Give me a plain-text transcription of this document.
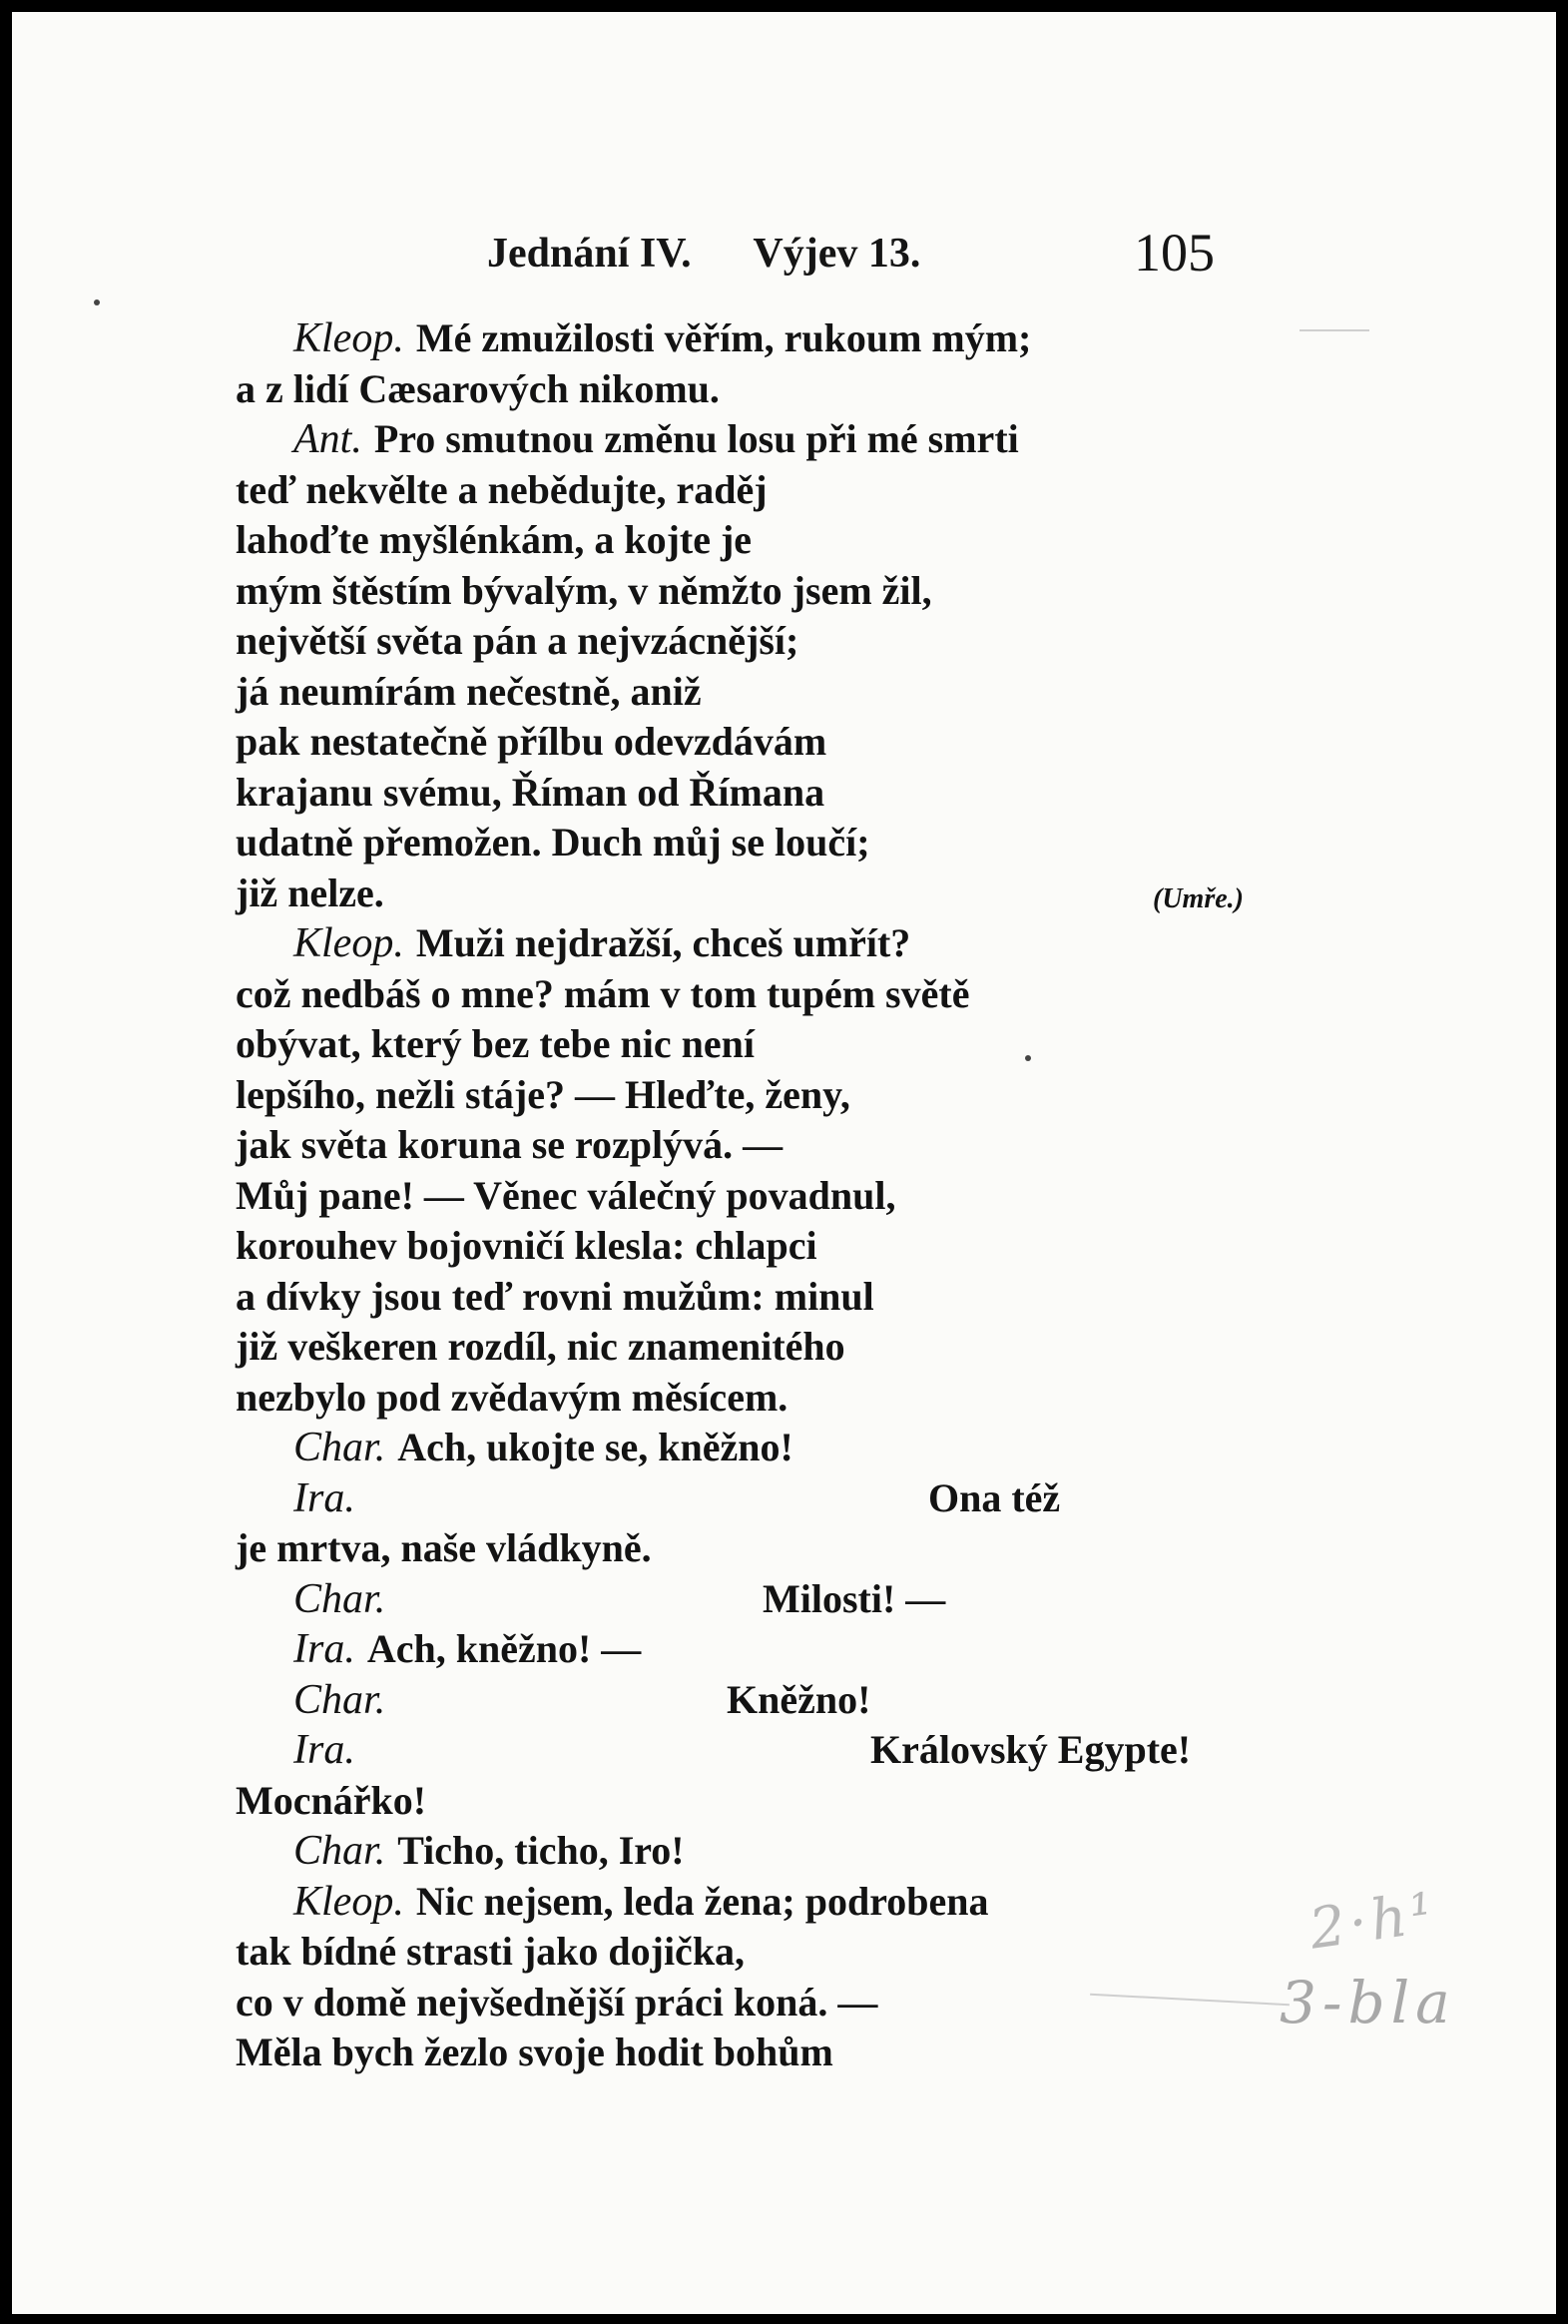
Jednání IV. Výjev 13.	105
Kleop. Mé zmužilosti věřím, rukoum mým;
a z lidí Cæsarových nikomu.
Ant. Pro smutnou změnu losu při mé smrti
teď nekvělte a nebědujte, raděj
lahoďte myšlénkám, a kojte je
mým štěstím bývalým, v němžto jsem žil,
největší světa pán a nejvzácnější;
já neumírám nečestně, aniž
pak nestatečně přílbu odevzdávám
krajanu svému, Říman od Římana
udatně přemožen. Duch můj se loučí;
již nelze.	(Umře.)
Kleop. Muži nejdražší, chceš umřít?
což nedbáš o mne? mám v tom tupém světě
obývat, který bez tebe nic není
lepšího, nežli stáje? — Hleďte, ženy,
jak světa koruna se rozplývá. —
Můj pane! — Věnec válečný povadnul,
korouhev bojovničí klesla: chlapci
a dívky jsou teď rovni mužům: minul
již veškeren rozdíl, nic znamenitého
nezbylo pod zvědavým měsícem.
Char. Ach, ukojte se, kněžno!
Ira.	Ona též
je mrtva, naše vládkyně.
Char.	Milosti! —
Ira. Ach, kněžno! —
Char.	Kněžno!
Ira.	Královský Egypte!
Mocnářko!
Char. Ticho, ticho, Iro!
Kleop. Nic nejsem, leda žena; podrobena
tak bídné strasti jako dojička,
co v domě nejvšednější práci koná. —
Měla bych žezlo svoje hodit bohům
2·h¹
3-bla
